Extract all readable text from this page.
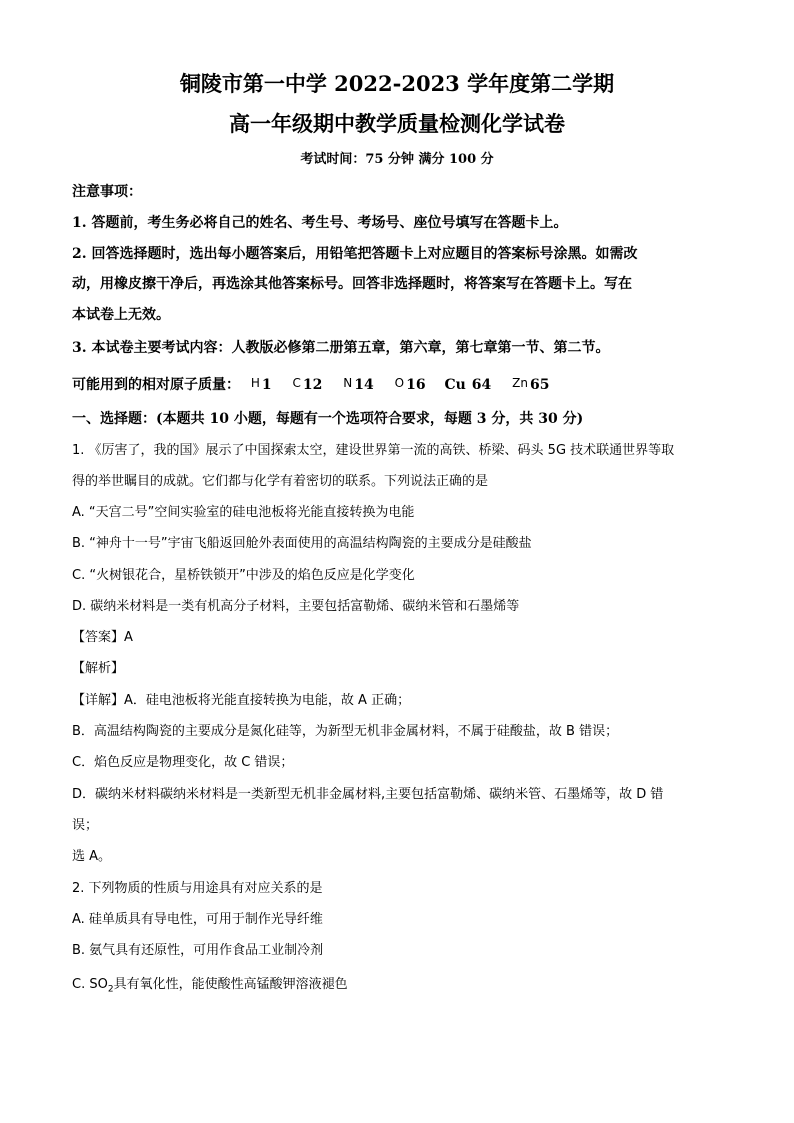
铜陵市第一中学 2022-2023 学年度第二学期
高一年级期中教学质量检测化学试卷
考试时间：75 分钟 满分 100 分
注意事项：
1. 答题前，考生务必将自己的姓名、考生号、考场号、座位号填写在答题卡上。
2. 回答选择题时，选出每小题答案后，用铅笔把答题卡上对应题目的答案标号涂黑。如需改
动，用橡皮擦干净后，再选涂其他答案标号。回答非选择题时，将答案写在答题卡上。写在
本试卷上无效。
3. 本试卷主要考试内容：人教版必修第二册第五章，第六章，第七章第一节、第二节。
可能用到的相对原子质量： H 1 C 12 N 14 O 16 Cu 64 Zn 65
一、选择题：(本题共 10 小题，每题有一个选项符合要求，每题 3 分，共 30 分)
1. 《厉害了，我的国》展示了中国探索太空，建设世界第一流的高铁、桥梁、码头 5G 技术联通世界等取
得的举世瞩目的成就。它们都与化学有着密切的联系。下列说法正确的是
A. “天宫二号”空间实验室的硅电池板将光能直接转换为电能
B. “神舟十一号”宇宙飞船返回舱外表面使用的高温结构陶瓷的主要成分是硅酸盐
C. “火树银花合，星桥铁锁开”中涉及的焰色反应是化学变化
D. 碳纳米材料是一类有机高分子材料，主要包括富勒烯、碳纳米管和石墨烯等
【答案】A
【解析】
【详解】A．硅电池板将光能直接转换为电能，故 A 正确；
B．高温结构陶瓷的主要成分是氮化硅等，为新型无机非金属材料，不属于硅酸盐，故 B 错误；
C．焰色反应是物理变化，故 C 错误；
D．碳纳米材料碳纳米材料是一类新型无机非金属材料,主要包括富勒烯、碳纳米管、石墨烯等，故 D 错
误；
选 A。
2. 下列物质的性质与用途具有对应关系的是
A. 硅单质具有导电性，可用于制作光导纤维
B. 氨气具有还原性，可用作食品工业制冷剂
C. $SO_2$具有氧化性，能使酸性高锰酸钾溶液褪色
